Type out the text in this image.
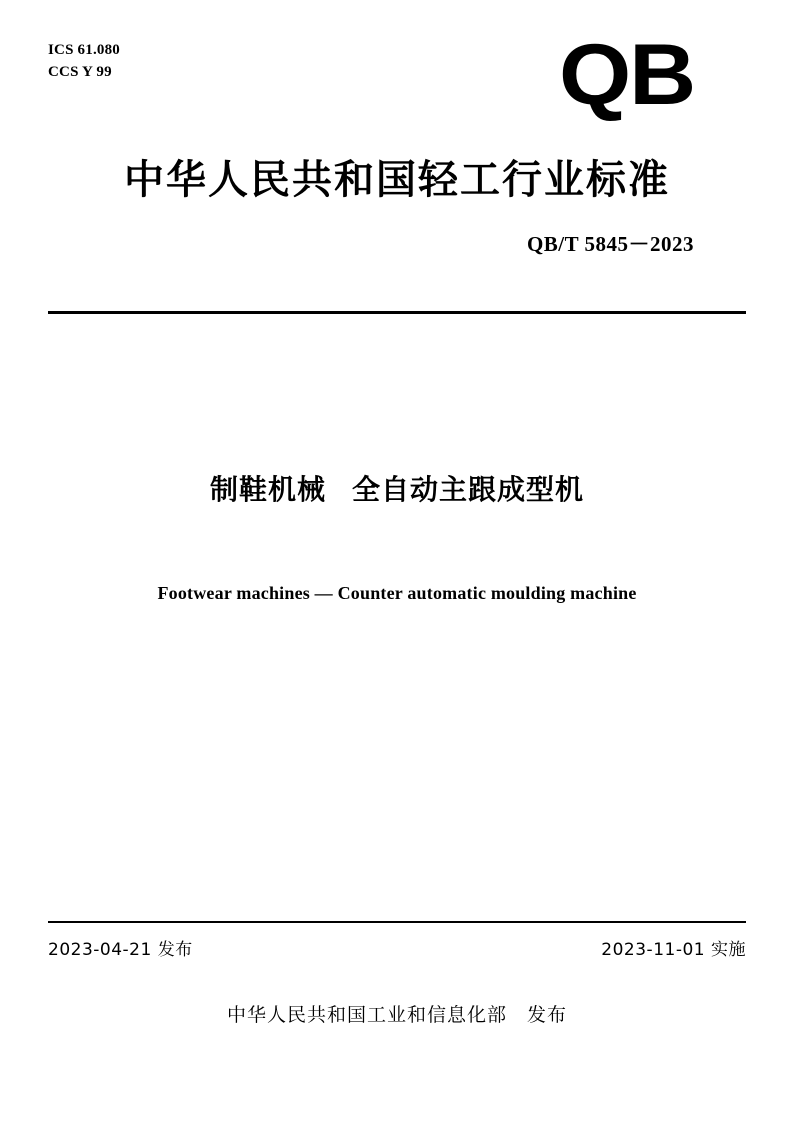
ICS 61.080
CCS Y 99	QB
中华人民共和国轻工行业标准
QB/T 5845－2023
制鞋机械 全自动主跟成型机
Footwear machines — Counter automatic moulding machine
2023-04-21 发布	2023-11-01 实施
中华人民共和国工业和信息化部 发布
